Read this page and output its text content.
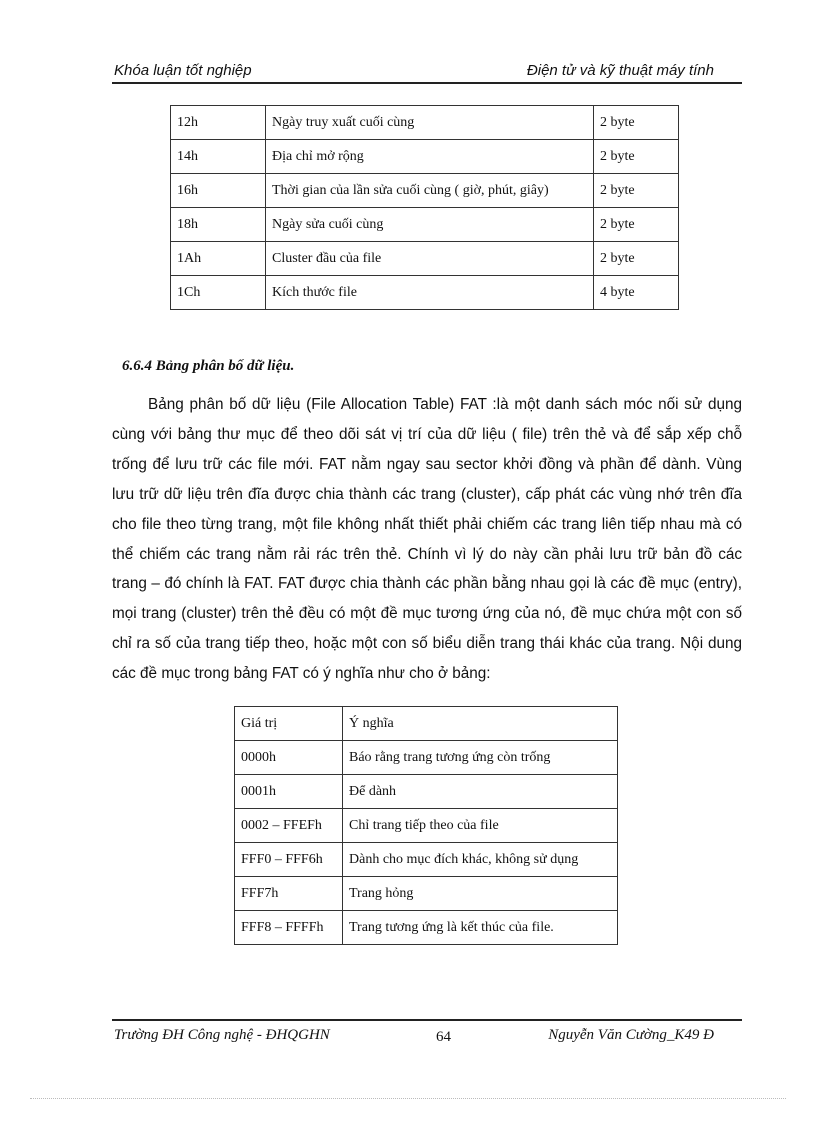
Khóa luận tốt nghiệp	Điện tử và kỹ thuật máy tính
12h	Ngày truy xuất cuối cùng	2 byte
14h	Địa chỉ mở rộng	2 byte
16h	Thời gian của lần sửa cuối cùng ( giờ, phút, giây)	2 byte
18h	Ngày sửa cuối cùng	2 byte
1Ah	Cluster đầu của file	2 byte
1Ch	Kích thước file	4 byte
6.6.4 Bảng phân bố dữ liệu.

Bảng phân bố dữ liệu (File Allocation Table) FAT :là một danh sách móc nối sử dụng cùng với bảng thư mục để theo dõi sát vị trí của dữ liệu ( file) trên thẻ và để sắp xếp chỗ trống để lưu trữ các file mới. FAT nằm ngay sau sector khởi đồng và phần để dành. Vùng lưu trữ dữ liệu trên đĩa được chia thành các trang (cluster), cấp phát các vùng nhớ trên đĩa cho file theo từng trang, một file không nhất thiết phải chiếm các trang liên tiếp nhau mà có thể chiếm các trang nằm rải rác trên thẻ. Chính vì lý do này cần phải lưu trữ bản đồ các trang – đó chính là FAT. FAT được chia thành các phần bằng nhau gọi là các đề mục (entry), mọi trang (cluster) trên thẻ đều có một đề mục tương ứng của nó, đề mục chứa một con số chỉ ra số của trang tiếp theo, hoặc một con số biểu diễn trang thái khác của trang. Nội dung các đề mục trong bảng FAT có ý nghĩa như cho ở bảng:

Giá trị	Ý nghĩa
0000h	Báo rằng trang tương ứng còn trống
0001h	Để dành
0002 – FFEFh	Chỉ trang tiếp theo của file
FFF0 – FFF6h	Dành cho mục đích khác, không sử dụng
FFF7h	Trang hỏng
FFF8 – FFFFh	Trang tương ứng là kết thúc của file.
Trường ĐH Công nghệ - ĐHQGHN	64	Nguyễn Văn Cường_K49 Đ
